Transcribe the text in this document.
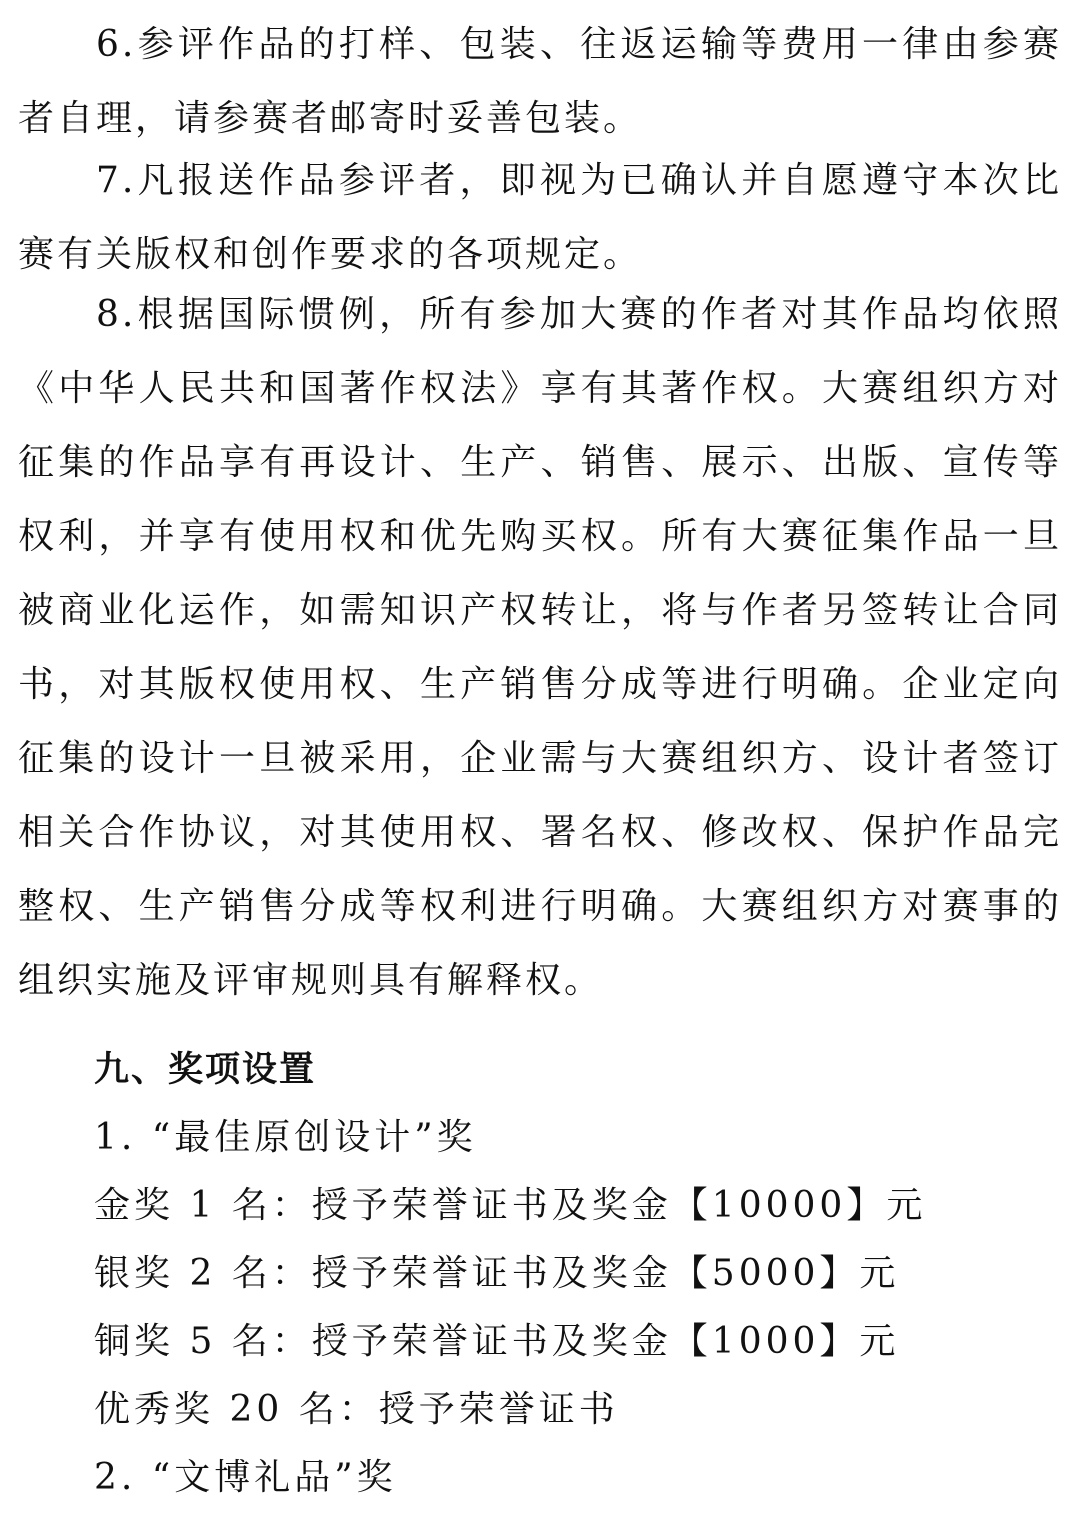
6.参评作品的打样、包装、往返运输等费用一律由参赛者自理，请参赛者邮寄时妥善包装。

7.凡报送作品参评者，即视为已确认并自愿遵守本次比赛有关版权和创作要求的各项规定。

8.根据国际惯例，所有参加大赛的作者对其作品均依照《中华人民共和国著作权法》享有其著作权。大赛组织方对征集的作品享有再设计、生产、销售、展示、出版、宣传等权利，并享有使用权和优先购买权。所有大赛征集作品一旦被商业化运作，如需知识产权转让，将与作者另签转让合同书，对其版权使用权、生产销售分成等进行明确。企业定向征集的设计一旦被采用，企业需与大赛组织方、设计者签订相关合作协议，对其使用权、署名权、修改权、保护作品完整权、生产销售分成等权利进行明确。大赛组织方对赛事的组织实施及评审规则具有解释权。

九、奖项设置

1. “最佳原创设计”奖

金奖 1 名：授予荣誉证书及奖金【10000】元

银奖 2 名：授予荣誉证书及奖金【5000】元

铜奖 5 名：授予荣誉证书及奖金【1000】元

优秀奖 20 名：授予荣誉证书

2. “文博礼品”奖
